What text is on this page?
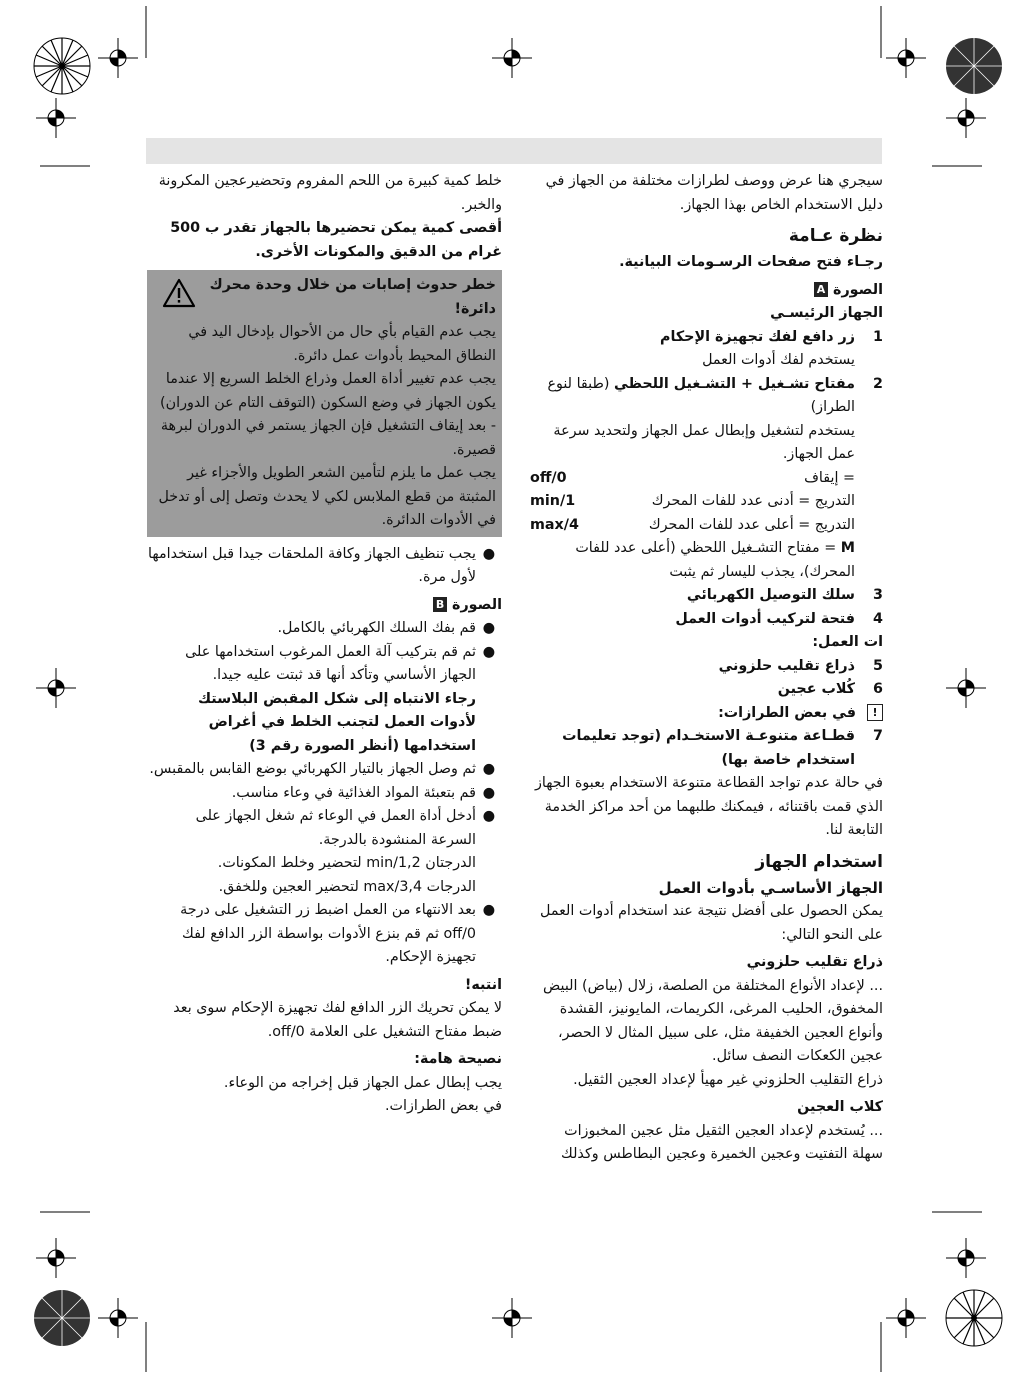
سيجري هنا عرض ووصف لطرازات مختلفة من الجهاز في دليل الاستخدام الخاص بهذا الجهاز.

نظرة عـامة

رجـاء فتح صفحات الرسـومات البيانية.

الصورة A
الجهاز الرئيسـي
1
زر دافع لفك تجهيزة الإحكام
يستخدم لفك أدوات العمل
2
مفتاح تشـغيل + التشـغيل اللحظي (طبقا لنوع الطراز)
يستخدم لتشغيل وإبطال عمل الجهاز ولتحديد سرعة عمل الجهاز.
= إيقاف
off/0
التدريج = أدنى عدد للفات المحرك
min/1
التدريج = أعلى عدد للفات المحرك
max/4
M = مفتاح التشـغيل اللحظي (أعلى عدد للفات المحرك)، يجذب لليسار ثم يثبت
3
سلك التوصيل الكهربائي
4
فتحة لتركيب أدوات العمل
ات العمل:
5
ذراع تقليب حلزوني
6
كُلاب عجين
! في بعض الطرازات:
7
قطـاعة متنوعـة الاستخـدام (توجد تعليمات استخدام خاصة بها)

في حالة عدم تواجد القطاعة متنوعة الاستخدام بعبوة الجهاز الذي قمت باقتنائه ، فيمكنك طلبهما من أحد مراكز الخدمة التابعة لنا.

استخدام الجهاز
الجهاز الأساسـي بأدوات العمل

يمكن الحصول على أفضل نتيجة عند استخدام أدوات العمل على النحو التالي:

ذراع تقليب حلزوني

... لإعداد الأنواع المختلفة من الصلصة، زلال (بياض) البيض المخفوق، الحليب المرغى، الكريمات، المايونيز، القشدة وأنواع العجين الخفيفة مثل، على سبيل المثال لا الحصر، عجين الكعكات النصف سائل.

ذراع التقليب الحلزوني غير مهيأ لإعداد العجين الثقيل.

كلاب العجين

... يُستخدم لإعداد العجين الثقيل مثل عجين المخبوزات سهلة التفتيت وعجين الخميرة وعجين البطاطس وكذلك

خلط كمية كبيرة من اللحم المفروم وتحضيرعجين المكرونة والخبر.

أقصى كمية يمكن تحضيرها بالجهاز تقدر ب 500 غرام من الدقيق والمكونات الأخرى.

خطر حدوث إصابات من خلال وحدة محرك دائرة!

يجب عدم القيام بأي حال من الأحوال بإدخال اليد في النطاق المحيط بأدوات عمل دائرة.

يجب عدم تغيير أداة العمل وذراع الخلط السريع إلا عندما يكون الجهاز في وضع السكون (التوقف التام عن الدوران) - بعد إيقاف التشغيل فإن الجهاز يستمر في الدوران لبرهة قصيرة.

يجب عمل ما يلزم لتأمين الشعر الطويل والأجزاء غير المثبتة من قطع الملابس لكي لا يحدث وتصل إلى أو تدخل في الأدوات الدائرة.

●
يجب تنظيف الجهاز وكافة الملحقات جيدا قبل استخدامها لأول مرة.
الصورة B
●
قم بفك السلك الكهربائي بالكامل.
●
ثم قم بتركيب آلة العمل المرغوب استخدامها على الجهاز الأساسي وتأكد أنها قد ثبتت عليه جيدا.
رجاء الانتباه إلى شكل المقبض البلاستك لأدوات العمل لتجنب الخلط في أغراض استخدامها (أنظر الصورة رقم 3)
●
ثم وصل الجهاز بالتيار الكهربائي بوضع القابس بالمقبس.
●
قم بتعبئة المواد الغذائية في وعاء مناسب.
●
أدخل أداة العمل في الوعاء ثم شغل الجهاز على السرعة المنشودة بالدرجة.
الدرجتان min/1,2 لتحضير وخلط المكونات.
الدرجات max/3,4 لتحضير العجين وللخفق.
●
بعد الانتهاء من العمل اضبط زر التشغيل على درجة off/0 ثم قم بنزع الأدوات بواسطة الزر الدافع لفك تجهيزة الإحكام.
انتبه!

لا يمكن تحريك الزر الدافع لفك تجهيزة الإحكام سوى بعد ضبط مفتاح التشغيل على العلامة off/0.

نصيحة هامة:

يجب إبطال عمل الجهاز قبل إخراجه من الوعاء.

في بعض الطرازات.
